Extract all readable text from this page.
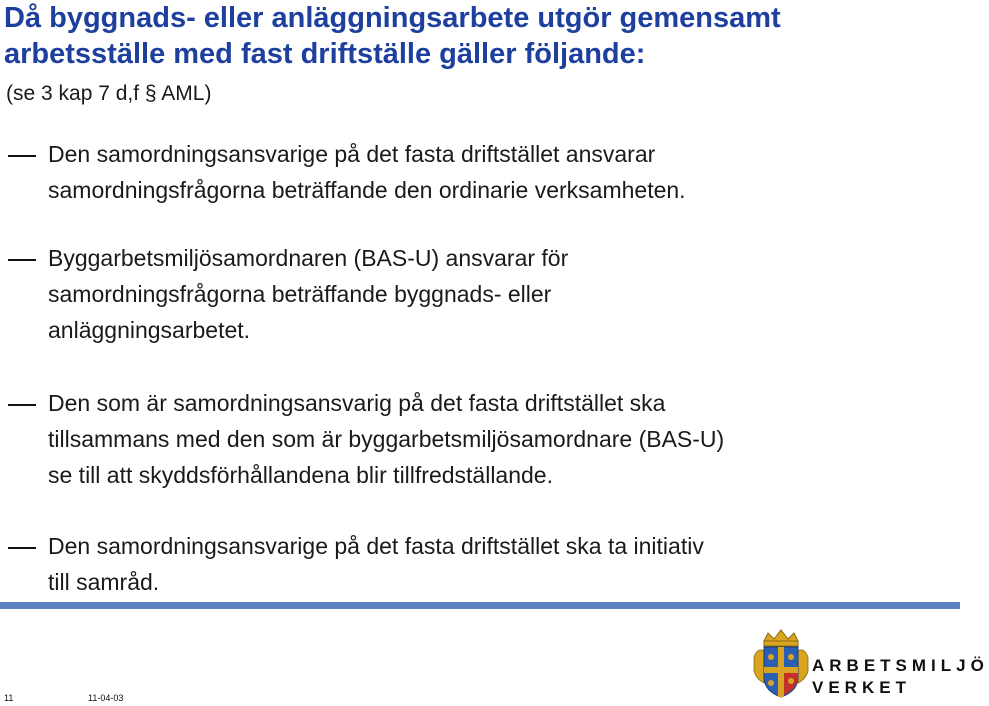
Då byggnads- eller anläggningsarbete utgör gemensamt
arbetsställe med fast driftställe gäller följande:
(se 3 kap 7 d,f § AML)
Den samordningsansvarige på det fasta driftstället ansvarar
samordningsfrågorna beträffande den ordinarie verksamheten.
Byggarbetsmiljösamordnaren (BAS-U) ansvarar för
samordningsfrågorna beträffande byggnads- eller
anläggningsarbetet.
Den som är samordningsansvarig på det fasta driftstället ska
tillsammans med den som är byggarbetsmiljösamordnare (BAS-U)
se till att skyddsförhållandena blir tillfredställande.
Den samordningsansvarige på det fasta driftstället ska ta initiativ
till samråd.
11	11-04-03
ARBETSMILJÖ
VERKET
